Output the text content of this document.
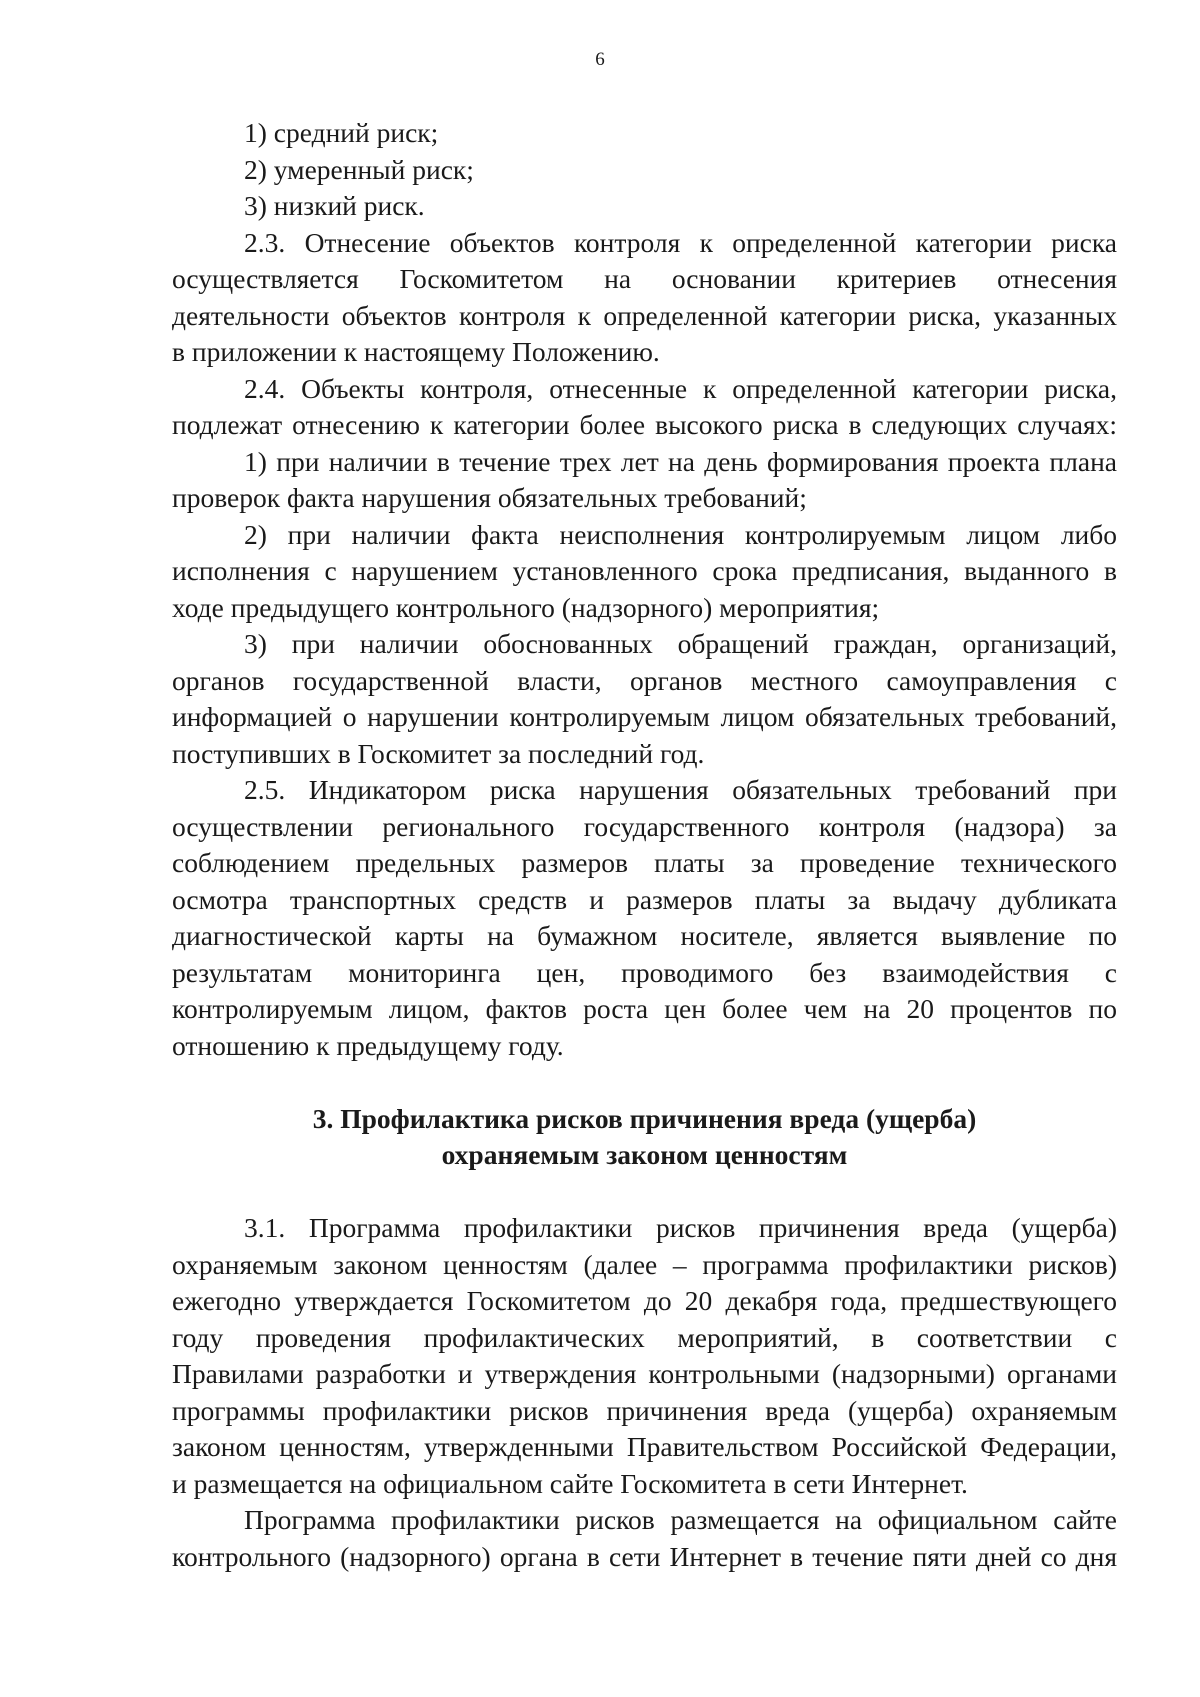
6
1) средний риск;
2) умеренный риск;
3) низкий риск.
2.3. Отнесение объектов контроля к определенной категории риска
осуществляется Госкомитетом на основании критериев отнесения
деятельности объектов контроля к определенной категории риска, указанных
в приложении к настоящему Положению.
2.4. Объекты контроля, отнесенные к определенной категории риска,
подлежат отнесению к категории более высокого риска в следующих случаях:
1) при наличии в течение трех лет на день формирования проекта плана
проверок факта нарушения обязательных требований;
2) при наличии факта неисполнения контролируемым лицом либо
исполнения с нарушением установленного срока предписания, выданного в
ходе предыдущего контрольного (надзорного) мероприятия;
3) при наличии обоснованных обращений граждан, организаций,
органов государственной власти, органов местного самоуправления с
информацией о нарушении контролируемым лицом обязательных требований,
поступивших в Госкомитет за последний год.
2.5. Индикатором риска нарушения обязательных требований при
осуществлении регионального государственного контроля (надзора) за
соблюдением предельных размеров платы за проведение технического
осмотра транспортных средств и размеров платы за выдачу дубликата
диагностической карты на бумажном носителе, является выявление по
результатам мониторинга цен, проводимого без взаимодействия с
контролируемым лицом, фактов роста цен более чем на 20 процентов по
отношению к предыдущему году.
3. Профилактика рисков причинения вреда (ущерба)
охраняемым законом ценностям
3.1. Программа профилактики рисков причинения вреда (ущерба)
охраняемым законом ценностям (далее – программа профилактики рисков)
ежегодно утверждается Госкомитетом до 20 декабря года, предшествующего
году проведения профилактических мероприятий, в соответствии с
Правилами разработки и утверждения контрольными (надзорными) органами
программы профилактики рисков причинения вреда (ущерба) охраняемым
законом ценностям, утвержденными Правительством Российской Федерации,
и размещается на официальном сайте Госкомитета в сети Интернет.
Программа профилактики рисков размещается на официальном сайте
контрольного (надзорного) органа в сети Интернет в течение пяти дней со дня
